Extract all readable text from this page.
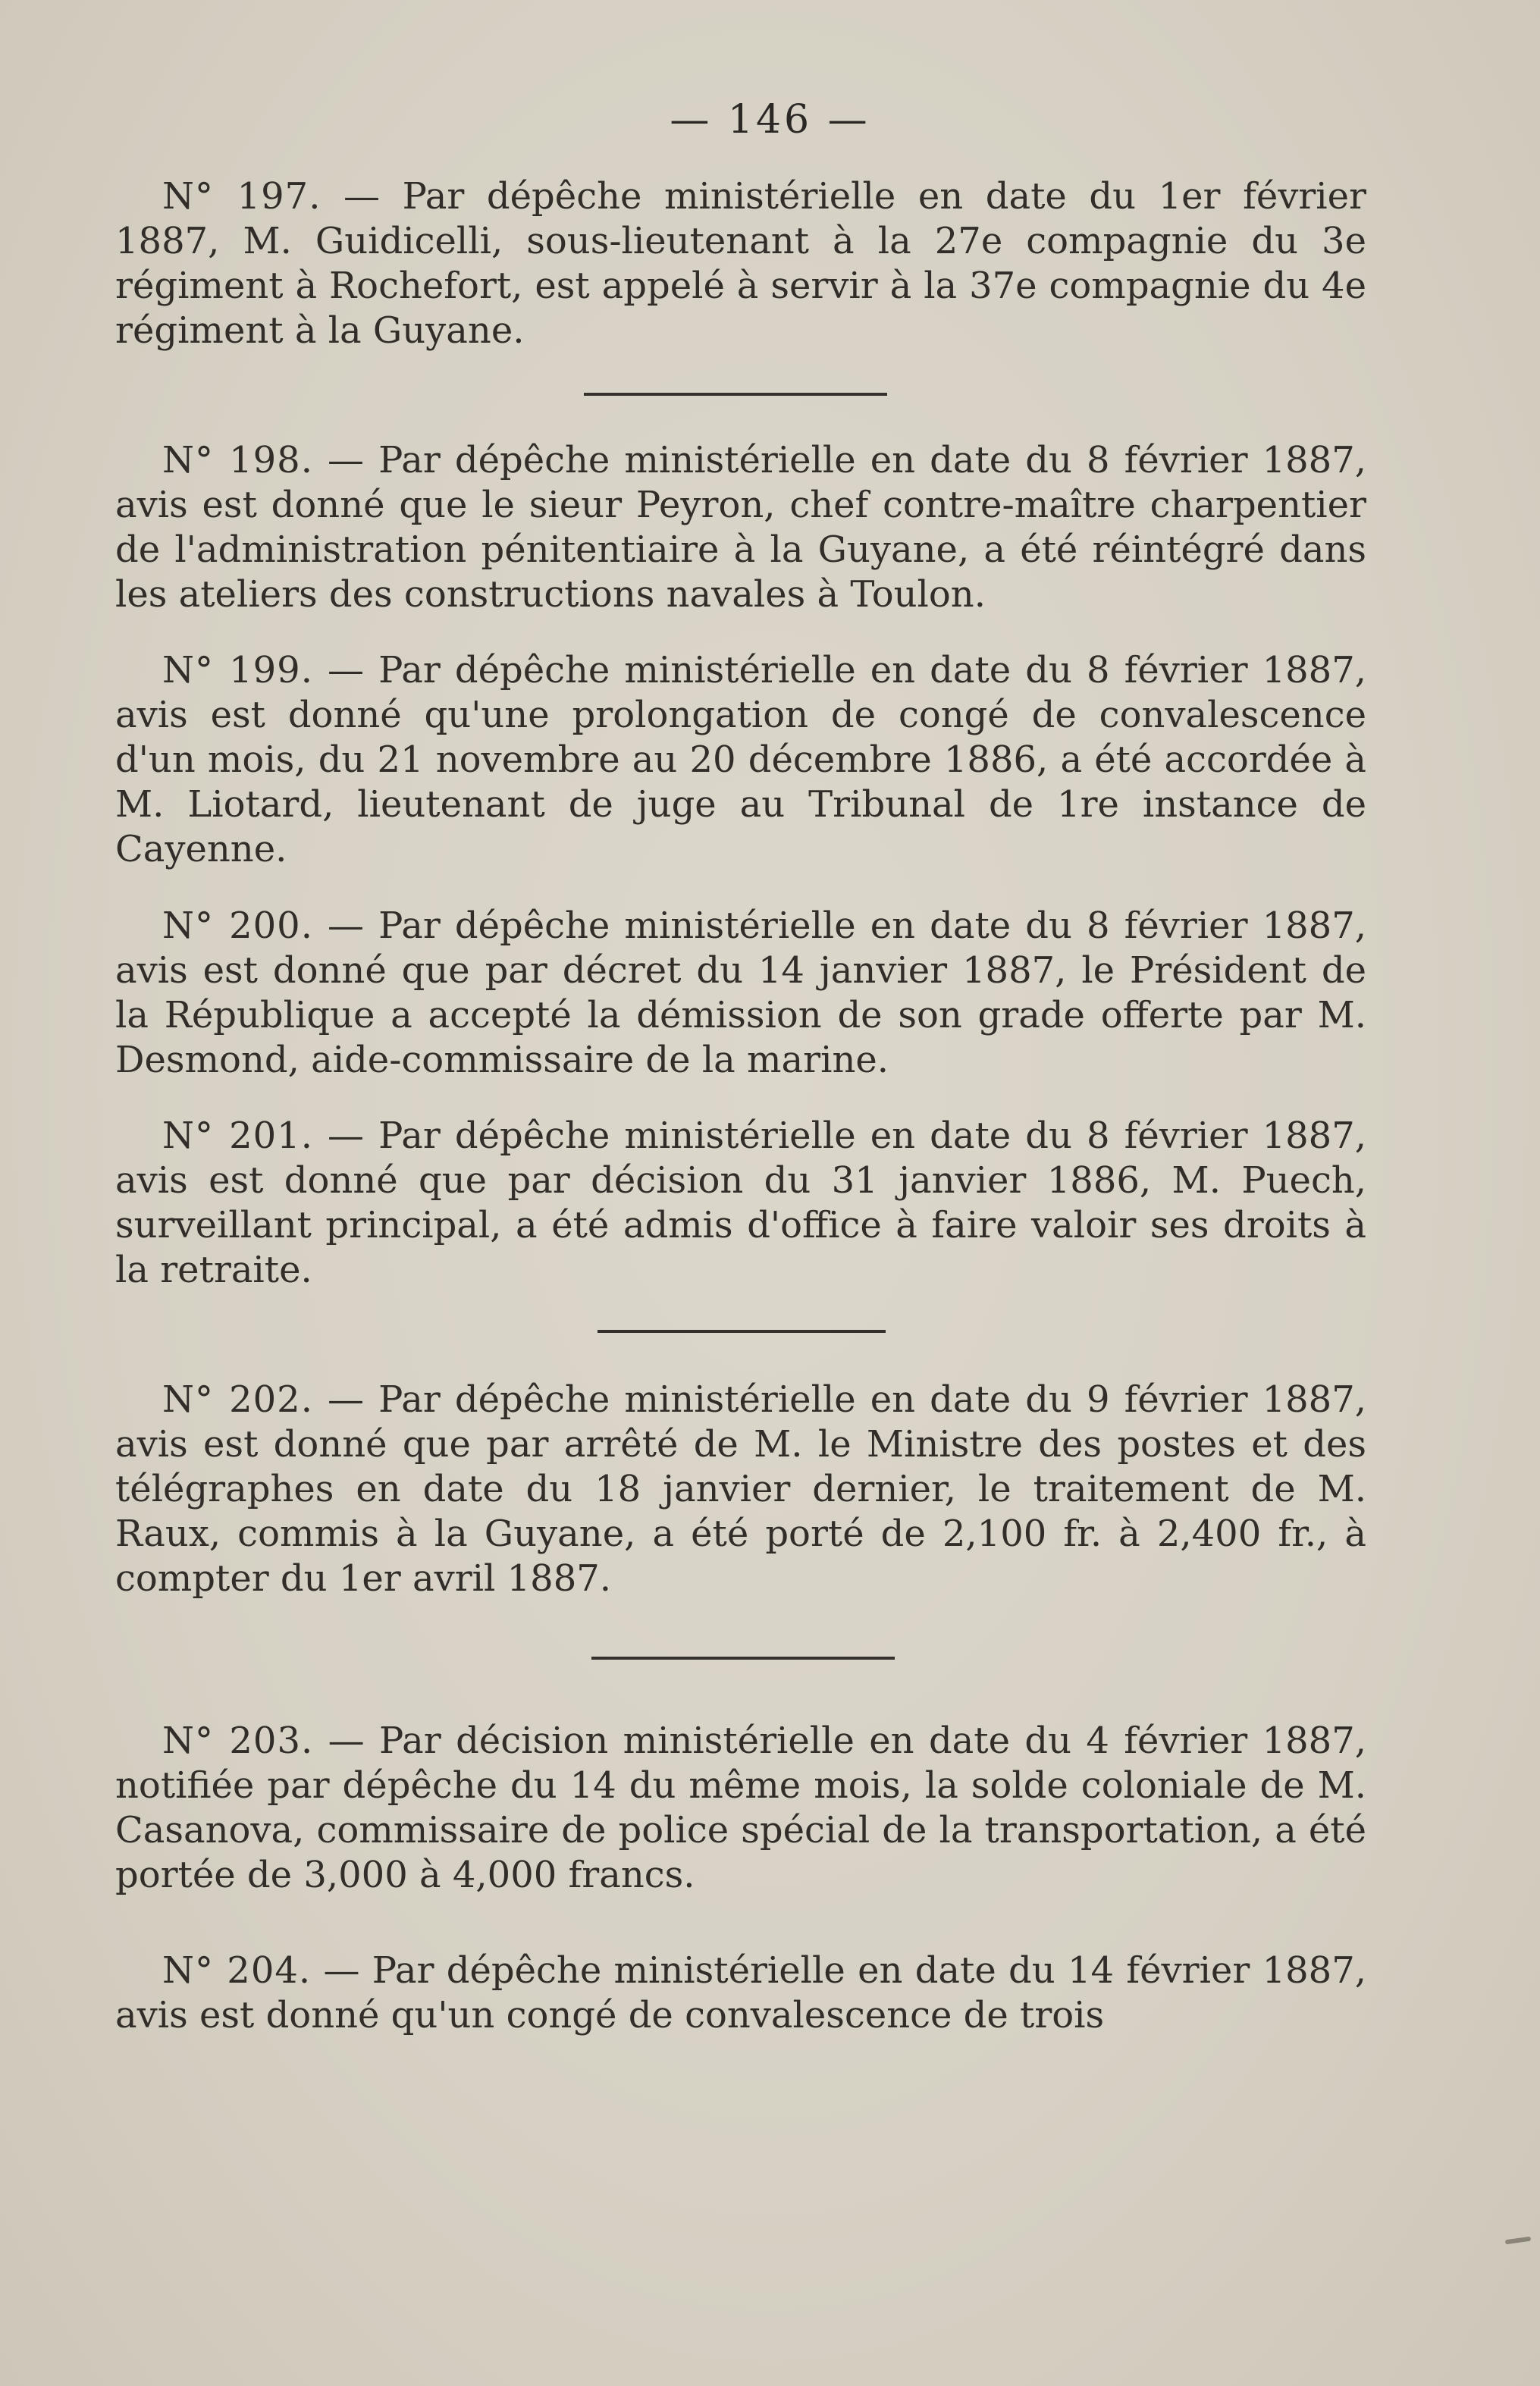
— 146 —

N° 197. — Par dépêche ministérielle en date du 1er février 1887, M. Guidicelli, sous-lieutenant à la 27e compagnie du 3e régiment à Rochefort, est appelé à servir à la 37e compagnie du 4e régiment à la Guyane.

N° 198. — Par dépêche ministérielle en date du 8 février 1887, avis est donné que le sieur Peyron, chef contre-maître charpentier de l'administration pénitentiaire à la Guyane, a été réintégré dans les ateliers des constructions navales à Toulon.

N° 199. — Par dépêche ministérielle en date du 8 février 1887, avis est donné qu'une prolongation de congé de convalescence d'un mois, du 21 novembre au 20 décembre 1886, a été accordée à M. Liotard, lieutenant de juge au Tribunal de 1re instance de Cayenne.

N° 200. — Par dépêche ministérielle en date du 8 février 1887, avis est donné que par décret du 14 janvier 1887, le Président de la République a accepté la démission de son grade offerte par M. Desmond, aide-commissaire de la marine.

N° 201. — Par dépêche ministérielle en date du 8 février 1887, avis est donné que par décision du 31 janvier 1886, M. Puech, surveillant principal, a été admis d'office à faire valoir ses droits à la retraite.

N° 202. — Par dépêche ministérielle en date du 9 février 1887, avis est donné que par arrêté de M. le Ministre des postes et des télégraphes en date du 18 janvier dernier, le traitement de M. Raux, commis à la Guyane, a été porté de 2,100 fr. à 2,400 fr., à compter du 1er avril 1887.

N° 203. — Par décision ministérielle en date du 4 février 1887, notifiée par dépêche du 14 du même mois, la solde coloniale de M. Casanova, commissaire de police spécial de la transportation, a été portée de 3,000 à 4,000 francs.

N° 204. — Par dépêche ministérielle en date du 14 février 1887, avis est donné qu'un congé de convalescence de trois
